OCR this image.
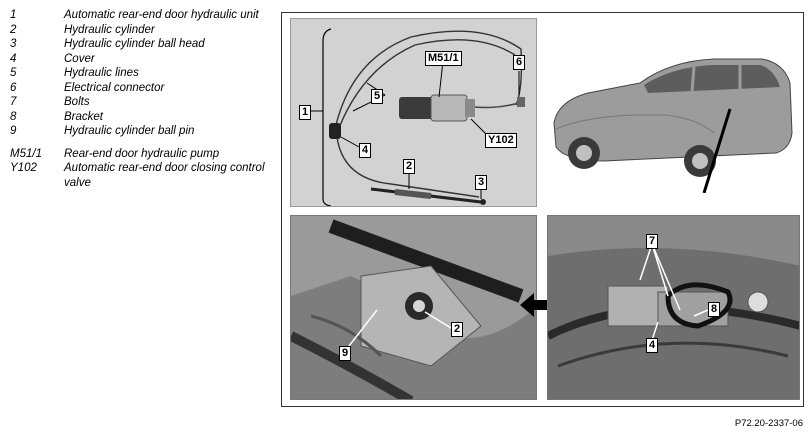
1	Automatic rear-end door hydraulic unit
2	Hydraulic cylinder
3	Hydraulic cylinder ball head
4	Cover
5	Hydraulic lines
6	Electrical connector
7	Bolts
8	Bracket
9	Hydraulic cylinder ball pin
M51/1	Rear-end door hydraulic pump
Y102	Automatic rear-end door closing control valve
1
5
M51/1	6
Y102
4
2
3
2
9
7
8
4
P72.20-2337-06
